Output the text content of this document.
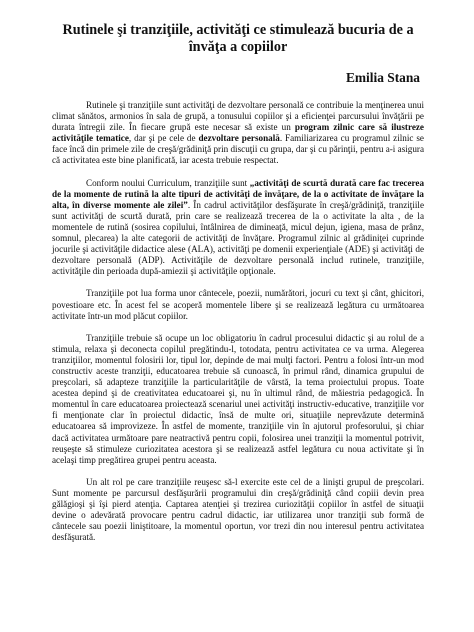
Rutinele şi tranziţiile, activităţi ce stimulează bucuria de a învăţa a copiilor
Emilia Stana

Rutinele şi tranziţiile sunt activităţi de dezvoltare personală ce contribuie la menţinerea unui climat sănătos, armonios în sala de grupă, a tonusului copiilor şi a eficienţei parcursului învăţării pe durata întregii zile. În fiecare grupă este necesar să existe un program zilnic care să ilustreze activităţile tematice, dar şi pe cele de dezvoltare personală. Familiarizarea cu programul zilnic se face încă din primele zile de creşă/grădiniţă prin discuţii cu grupa, dar şi cu părinţii, pentru a-i asigura că activitatea este bine planificată, iar acesta trebuie respectat.

Conform noului Curriculum, tranziţiile sunt „activităţi de scurtă durată care fac trecerea de la momente de rutină la alte tipuri de activităţi de învăţare, de la o activitate de învăţare la alta, în diverse momente ale zilei”. În cadrul activităţilor desfăşurate în creşă/grădiniţă, tranziţiile sunt activităţi de scurtă durată, prin care se realizează trecerea de la o activitate la alta , de la momentele de rutină (sosirea copilului, întâlnirea de dimineaţă, micul dejun, igiena, masa de prânz, somnul, plecarea) la alte categorii de activităţi de învăţare. Programul zilnic al grădiniţei cuprinde jocurile şi activităţile didactice alese (ALA), activităţi pe domenii experienţiale (ADE) şi activităţi de dezvoltare personală (ADP). Activităţile de dezvoltare personală includ rutinele, tranziţiile, activităţile din perioada după-amiezii şi activităţile opţionale.

Tranziţiile pot lua forma unor cântecele, poezii, numărători, jocuri cu text şi cânt, ghicitori, povestioare etc. În acest fel se acoperă momentele libere şi se realizează legătura cu următoarea activitate într-un mod plăcut copiilor.

Tranziţiile trebuie să ocupe un loc obligatoriu în cadrul procesului didactic şi au rolul de a stimula, relaxa şi deconecta copilul pregătindu-l, totodata, pentru activitatea ce va urma. Alegerea tranziţiilor, momentul folosirii lor, tipul lor, depinde de mai mulţi factori. Pentru a folosi într-un mod constructiv aceste tranziţii, educatoarea trebuie să cunoască, în primul rând, dinamica grupului de preşcolari, să adapteze tranziţiile la particularităţile de vârstă, la tema proiectului propus. Toate acestea depind şi de creativitatea educatoarei şi, nu în ultimul rând, de măiestria pedagogică. În momentul în care educatoarea proiectează scenariul unei activităţi instructiv-educative, tranziţiile vor fi menţionate clar în proiectul didactic, însă de multe ori, situaţiile neprevăzute determină educatoarea să improvizeze. În astfel de momente, tranziţiile vin în ajutorul profesorului, şi chiar dacă activitatea următoare pare neatractivă pentru copii, folosirea unei tranziţii la momentul potrivit, reuşeşte să stimuleze curiozitatea acestora şi se realizează astfel legătura cu noua activitate şi în acelaşi timp pregătirea grupei pentru aceasta.

Un alt rol pe care tranziţiile reuşesc să-l exercite este cel de a linişti grupul de preşcolari. Sunt momente pe parcursul desfăşurării programului din creşă/grădiniţă când copiii devin prea gălăgioşi şi îşi pierd atenţia. Captarea atenţiei şi trezirea curiozităţii copiilor în astfel de situaţii devine o adevărată provocare pentru cadrul didactic, iar utilizarea unor tranziţii sub formă de cântecele sau poezii liniştitoare, la momentul oportun, vor trezi din nou interesul pentru activitatea desfăşurată.
